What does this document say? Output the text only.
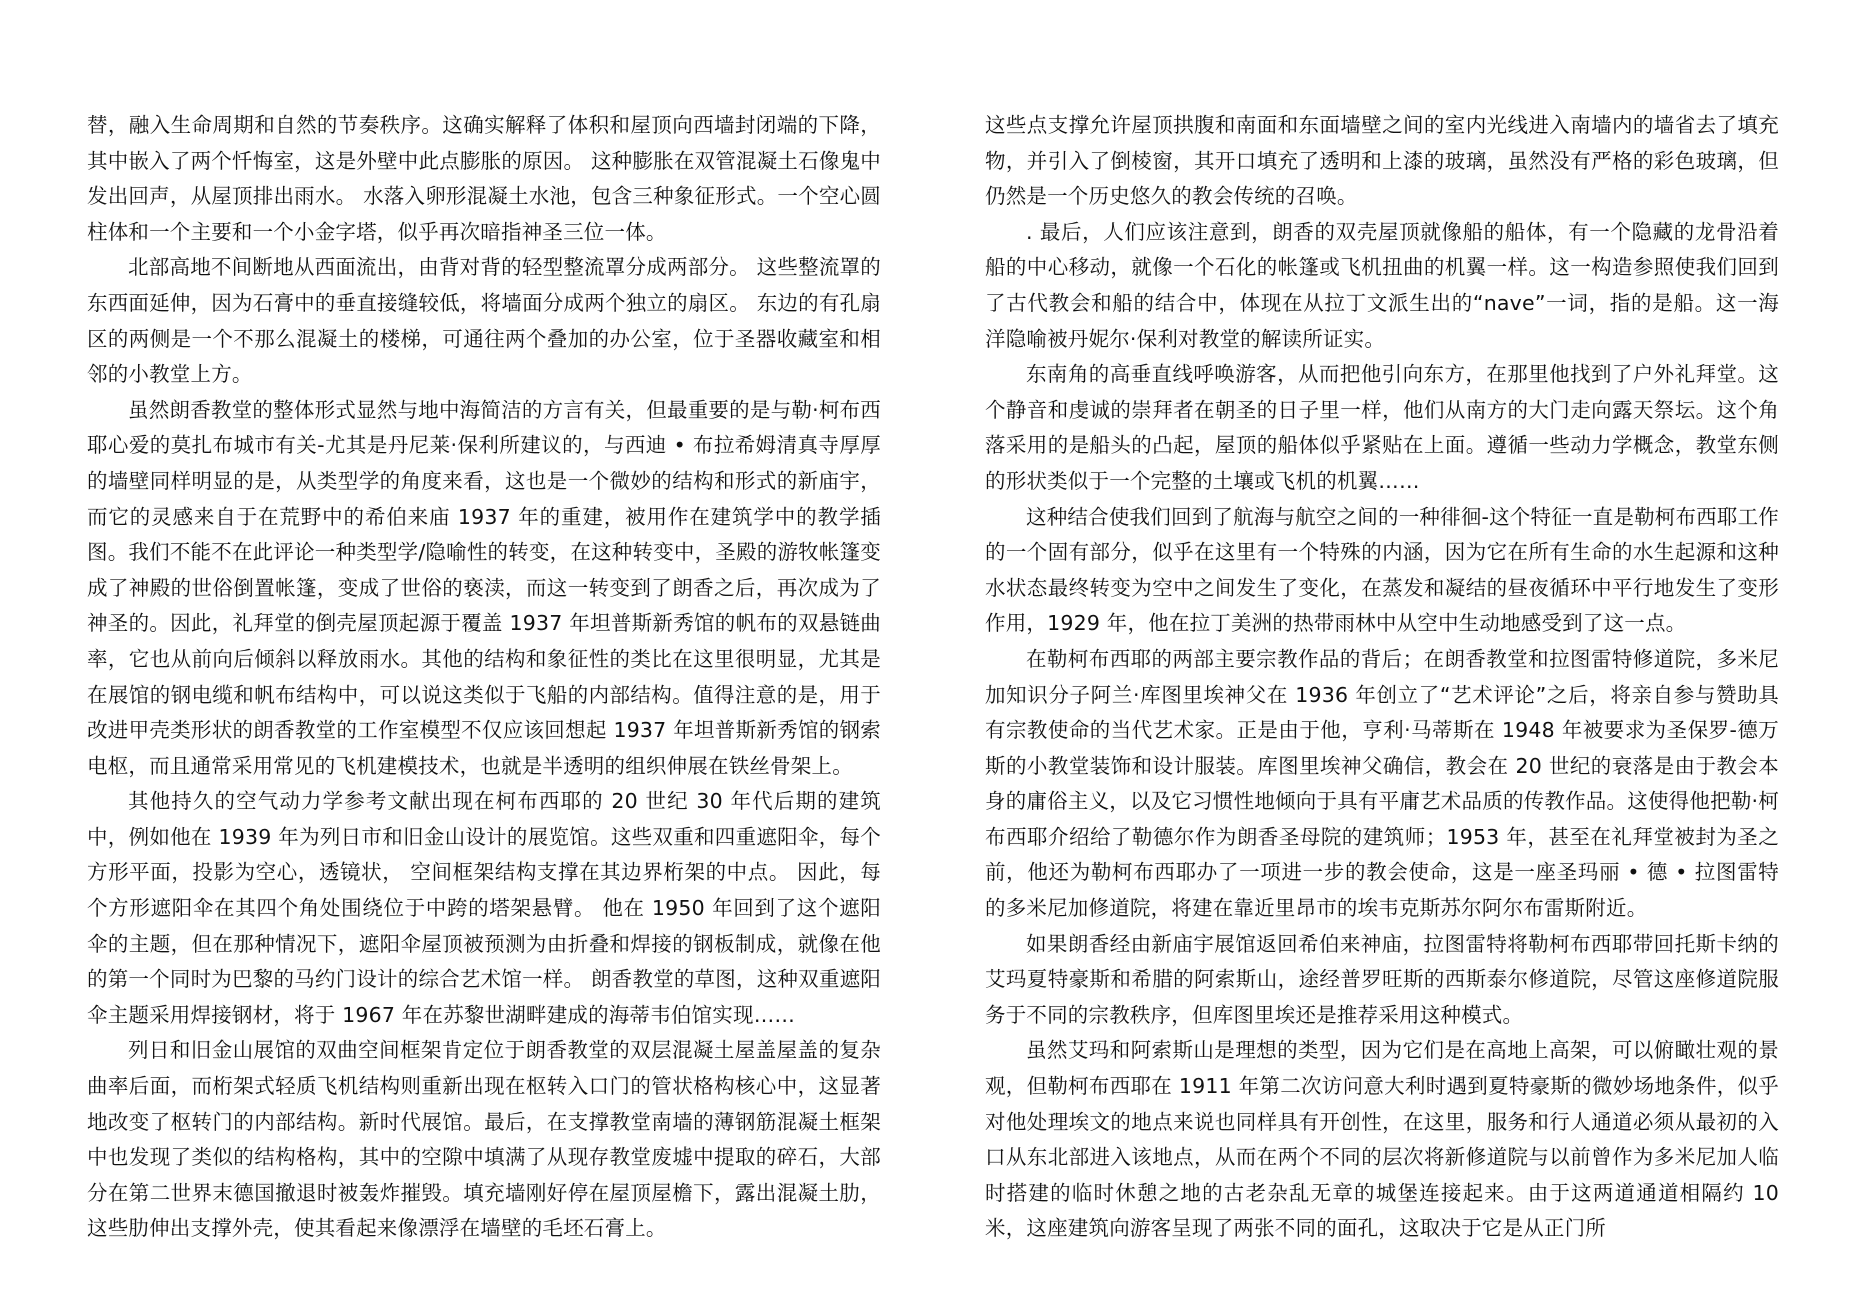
替，融入生命周期和自然的节奏秩序。这确实解释了体积和屋顶向西墙封闭端的下降，其中嵌入了两个忏悔室，这是外壁中此点膨胀的原因。 这种膨胀在双管混凝土石像鬼中发出回声，从屋顶排出雨水。 水落入卵形混凝土水池，包含三种象征形式。一个空心圆柱体和一个主要和一个小金字塔，似乎再次暗指神圣三位一体。

北部高地不间断地从西面流出，由背对背的轻型整流罩分成两部分。 这些整流罩的东西面延伸，因为石膏中的垂直接缝较低，将墙面分成两个独立的扇区。 东边的有孔扇区的两侧是一个不那么混凝土的楼梯，可通往两个叠加的办公室，位于圣器收藏室和相邻的小教堂上方。

虽然朗香教堂的整体形式显然与地中海简洁的方言有关，但最重要的是与勒·柯布西耶心爱的莫扎布城市有关-尤其是丹尼莱·保利所建议的，与西迪 • 布拉希姆清真寺厚厚的墙壁同样明显的是，从类型学的角度来看，这也是一个微妙的结构和形式的新庙宇，而它的灵感来自于在荒野中的希伯来庙 1937 年的重建，被用作在建筑学中的教学插图。我们不能不在此评论一种类型学/隐喻性的转变，在这种转变中，圣殿的游牧帐篷变成了神殿的世俗倒置帐篷，变成了世俗的亵渎，而这一转变到了朗香之后，再次成为了神圣的。因此，礼拜堂的倒壳屋顶起源于覆盖 1937 年坦普斯新秀馆的帆布的双悬链曲率，它也从前向后倾斜以释放雨水。其他的结构和象征性的类比在这里很明显，尤其是在展馆的钢电缆和帆布结构中，可以说这类似于飞船的内部结构。值得注意的是，用于改进甲壳类形状的朗香教堂的工作室模型不仅应该回想起 1937 年坦普斯新秀馆的钢索电枢，而且通常采用常见的飞机建模技术，也就是半透明的组织伸展在铁丝骨架上。

其他持久的空气动力学参考文献出现在柯布西耶的 20 世纪 30 年代后期的建筑中，例如他在 1939 年为列日市和旧金山设计的展览馆。这些双重和四重遮阳伞，每个方形平面，投影为空心，透镜状， 空间框架结构支撑在其边界桁架的中点。 因此，每个方形遮阳伞在其四个角处围绕位于中跨的塔架悬臂。 他在 1950 年回到了这个遮阳伞的主题，但在那种情况下，遮阳伞屋顶被预测为由折叠和焊接的钢板制成，就像在他的第一个同时为巴黎的马约门设计的综合艺术馆一样。 朗香教堂的草图，这种双重遮阳伞主题采用焊接钢材，将于 1967 年在苏黎世湖畔建成的海蒂韦伯馆实现……

列日和旧金山展馆的双曲空间框架肯定位于朗香教堂的双层混凝土屋盖屋盖的复杂曲率后面，而桁架式轻质飞机结构则重新出现在枢转入口门的管状格构核心中，这显著地改变了枢转门的内部结构。新时代展馆。最后，在支撑教堂南墙的薄钢筋混凝土框架中也发现了类似的结构格构，其中的空隙中填满了从现存教堂废墟中提取的碎石，大部分在第二世界末德国撤退时被轰炸摧毁。填充墙刚好停在屋顶屋檐下，露出混凝土肋，这些肋伸出支撑外壳，使其看起来像漂浮在墙壁的毛坯石膏上。

这些点支撑允许屋顶拱腹和南面和东面墙壁之间的室内光线进入南墙内的墙省去了填充物，并引入了倒棱窗，其开口填充了透明和上漆的玻璃，虽然没有严格的彩色玻璃，但仍然是一个历史悠久的教会传统的召唤。

. 最后，人们应该注意到，朗香的双壳屋顶就像船的船体，有一个隐藏的龙骨沿着船的中心移动，就像一个石化的帐篷或飞机扭曲的机翼一样。这一构造参照使我们回到了古代教会和船的结合中，体现在从拉丁文派生出的“nave”一词，指的是船。这一海洋隐喻被丹妮尔·保利对教堂的解读所证实。

东南角的高垂直线呼唤游客，从而把他引向东方，在那里他找到了户外礼拜堂。这个静音和虔诚的崇拜者在朝圣的日子里一样，他们从南方的大门走向露天祭坛。这个角落采用的是船头的凸起，屋顶的船体似乎紧贴在上面。遵循一些动力学概念，教堂东侧的形状类似于一个完整的土壤或飞机的机翼……

这种结合使我们回到了航海与航空之间的一种徘徊-这个特征一直是勒柯布西耶工作的一个固有部分，似乎在这里有一个特殊的内涵，因为它在所有生命的水生起源和这种水状态最终转变为空中之间发生了变化，在蒸发和凝结的昼夜循环中平行地发生了变形作用，1929 年，他在拉丁美洲的热带雨林中从空中生动地感受到了这一点。

在勒柯布西耶的两部主要宗教作品的背后；在朗香教堂和拉图雷特修道院，多米尼加知识分子阿兰·库图里埃神父在 1936 年创立了“艺术评论”之后，将亲自参与赞助具有宗教使命的当代艺术家。正是由于他，亨利·马蒂斯在 1948 年被要求为圣保罗-德万斯的小教堂装饰和设计服装。库图里埃神父确信，教会在 20 世纪的衰落是由于教会本身的庸俗主义，以及它习惯性地倾向于具有平庸艺术品质的传教作品。这使得他把勒·柯布西耶介绍给了勒德尔作为朗香圣母院的建筑师；1953 年，甚至在礼拜堂被封为圣之前，他还为勒柯布西耶办了一项进一步的教会使命，这是一座圣玛丽 • 德 • 拉图雷特的多米尼加修道院，将建在靠近里昂市的埃韦克斯苏尔阿尔布雷斯附近。

如果朗香经由新庙宇展馆返回希伯来神庙，拉图雷特将勒柯布西耶带回托斯卡纳的艾玛夏特豪斯和希腊的阿索斯山，途经普罗旺斯的西斯泰尔修道院，尽管这座修道院服务于不同的宗教秩序，但库图里埃还是推荐采用这种模式。

虽然艾玛和阿索斯山是理想的类型，因为它们是在高地上高架，可以俯瞰壮观的景观，但勒柯布西耶在 1911 年第二次访问意大利时遇到夏特豪斯的微妙场地条件，似乎对他处理埃文的地点来说也同样具有开创性，在这里，服务和行人通道必须从最初的入口从东北部进入该地点，从而在两个不同的层次将新修道院与以前曾作为多米尼加人临时搭建的临时休憩之地的古老杂乱无章的城堡连接起来。由于这两道通道相隔约 10 米，这座建筑向游客呈现了两张不同的面孔，这取决于它是从正门所
